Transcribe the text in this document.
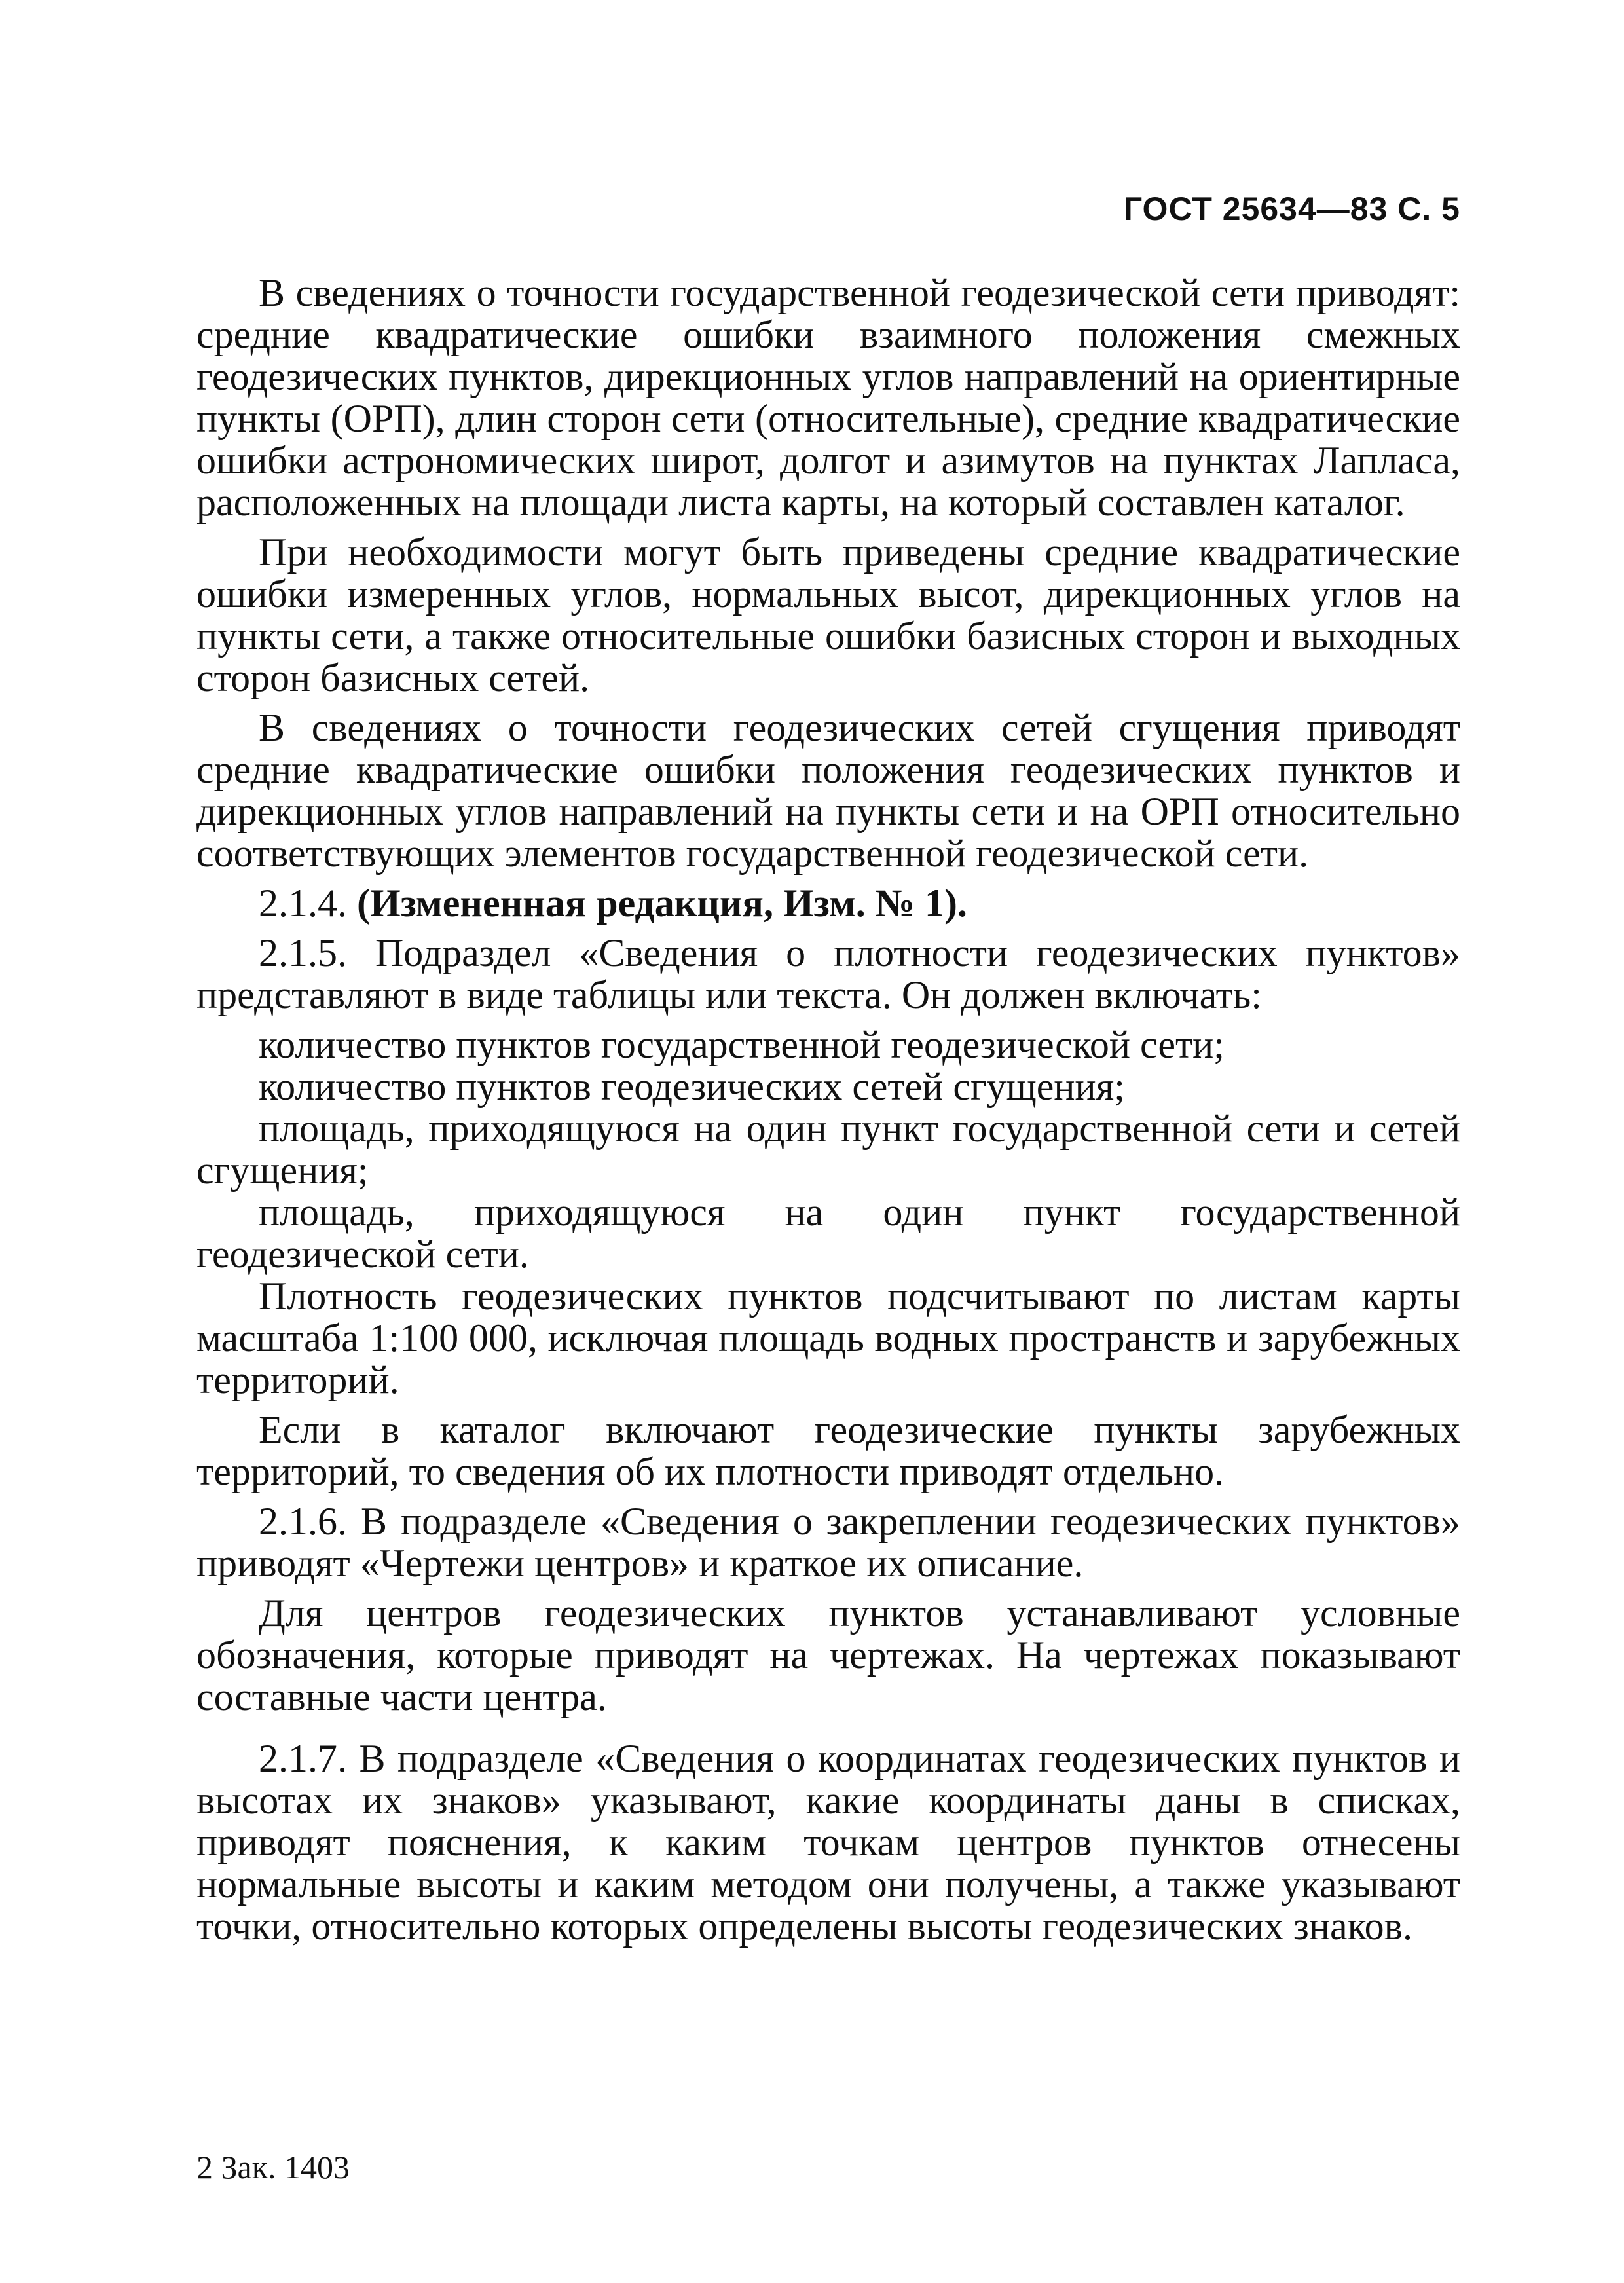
ГОСТ 25634—83 С. 5

В сведениях о точности государственной геодезической сети приводят: средние квадратические ошибки взаимного положения смежных геодезических пунктов, дирекционных углов направлений на ориентирные пункты (ОРП), длин сторон сети (относительные), средние квадратические ошибки астрономических широт, долгот и азимутов на пунктах Лапласа, расположенных на площади листа карты, на который составлен каталог.

При необходимости могут быть приведены средние квадратические ошибки измеренных углов, нормальных высот, дирекционных углов на пункты сети, а также относительные ошибки базисных сторон и выходных сторон базисных сетей.

В сведениях о точности геодезических сетей сгущения приводят средние квадратические ошибки положения геодезических пунктов и дирекционных углов направлений на пункты сети и на ОРП относительно соответствующих элементов государственной геодезической сети.

2.1.4. (Измененная редакция, Изм. № 1).

2.1.5. Подраздел «Сведения о плотности геодезических пунктов» представляют в виде таблицы или текста. Он должен включать:

количество пунктов государственной геодезической сети;
количество пунктов геодезических сетей сгущения;
площадь, приходящуюся на один пункт государственной сети и сетей сгущения;
площадь, приходящуюся на один пункт государственной геодезической сети.

Плотность геодезических пунктов подсчитывают по листам карты масштаба 1:100 000, исключая площадь водных пространств и зарубежных территорий.

Если в каталог включают геодезические пункты зарубежных территорий, то сведения об их плотности приводят отдельно.

2.1.6. В подразделе «Сведения о закреплении геодезических пунктов» приводят «Чертежи центров» и краткое их описание.

Для центров геодезических пунктов устанавливают условные обозначения, которые приводят на чертежах. На чертежах показывают составные части центра.

2.1.7. В подразделе «Сведения о координатах геодезических пунктов и высотах их знаков» указывают, какие координаты даны в списках, приводят пояснения, к каким точкам центров пунктов отнесены нормальные высоты и каким методом они получены, а также указывают точки, относительно которых определены высоты геодезических знаков.

2 Зак. 1403
